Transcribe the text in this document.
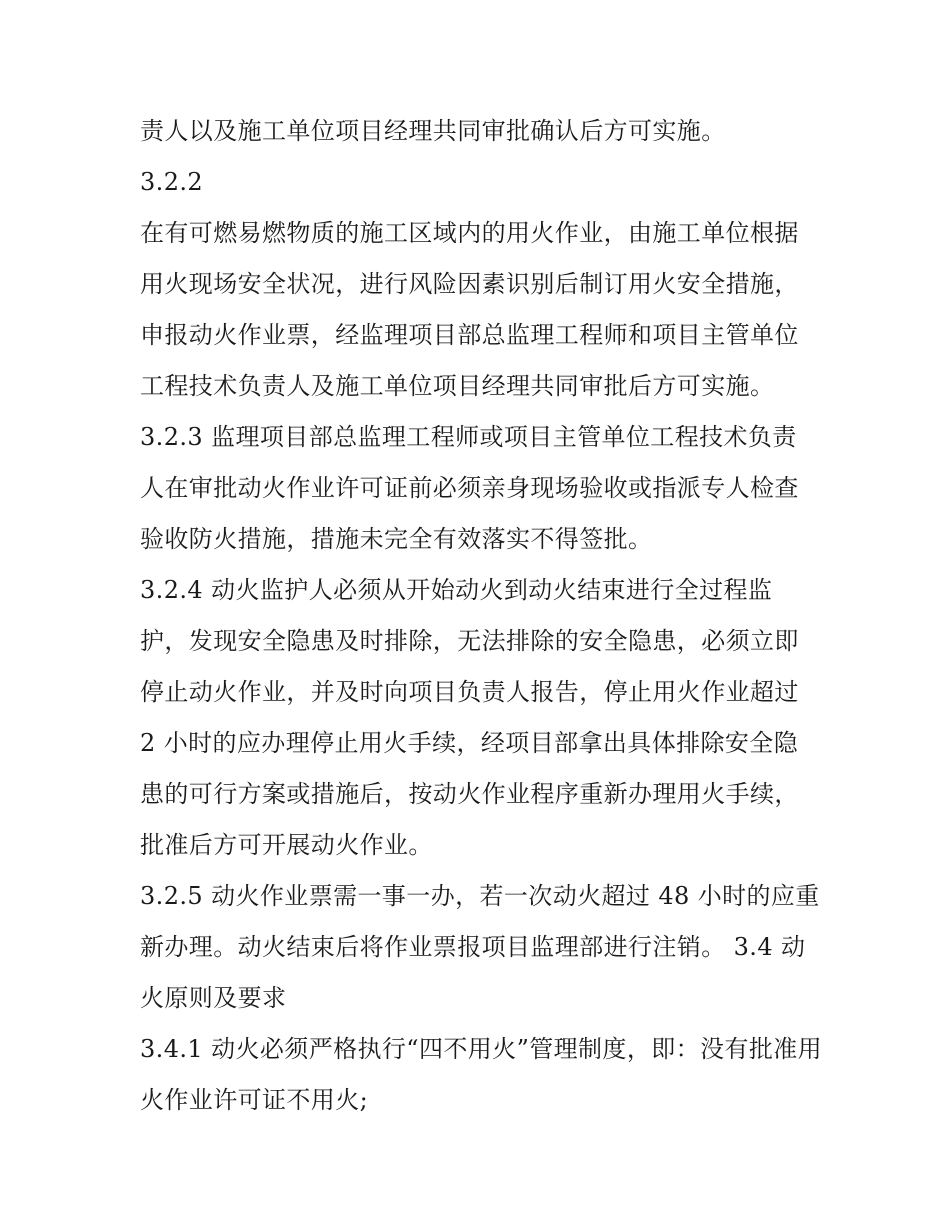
责人以及施工单位项目经理共同审批确认后方可实施。
3.2.2
在有可燃易燃物质的施工区域内的用火作业，由施工单位根据
用火现场安全状况，进行风险因素识别后制订用火安全措施，
申报动火作业票，经监理项目部总监理工程师和项目主管单位
工程技术负责人及施工单位项目经理共同审批后方可实施。
3.2.3 监理项目部总监理工程师或项目主管单位工程技术负责
人在审批动火作业许可证前必须亲身现场验收或指派专人检查
验收防火措施，措施未完全有效落实不得签批。
3.2.4 动火监护人必须从开始动火到动火结束进行全过程监
护，发现安全隐患及时排除，无法排除的安全隐患，必须立即
停止动火作业，并及时向项目负责人报告，停止用火作业超过
2 小时的应办理停止用火手续，经项目部拿出具体排除安全隐
患的可行方案或措施后，按动火作业程序重新办理用火手续，
批准后方可开展动火作业。
3.2.5 动火作业票需一事一办，若一次动火超过 48 小时的应重
新办理。动火结束后将作业票报项目监理部进行注销。 3.4 动
火原则及要求
3.4.1 动火必须严格执行“四不用火”管理制度，即：没有批准用
火作业许可证不用火;
